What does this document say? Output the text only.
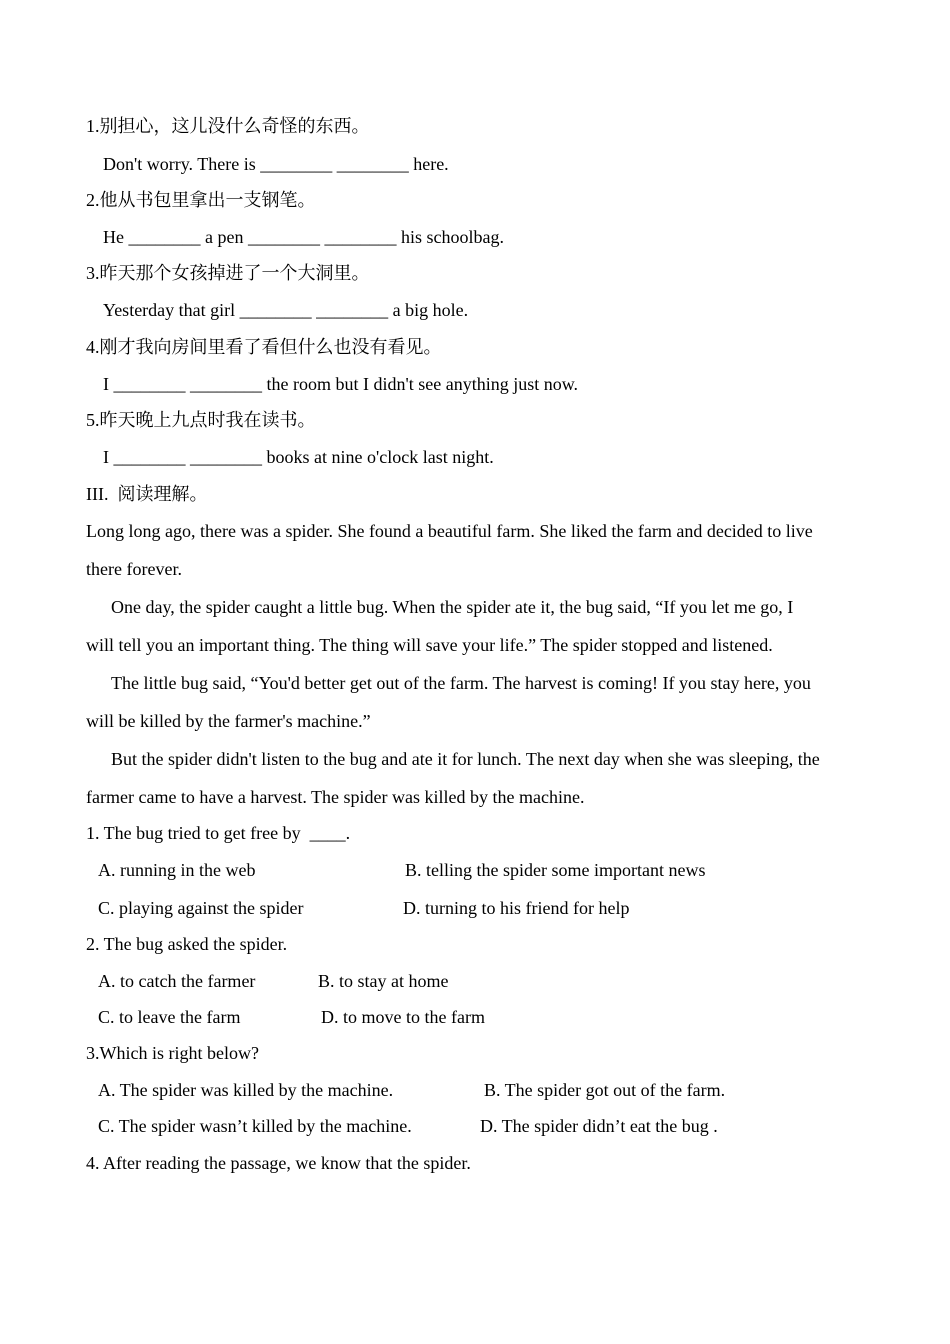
1.别担心，这儿没什么奇怪的东西。
Don't worry. There is ________ ________ here.
2.他从书包里拿出一支钢笔。
He ________ a pen ________ ________ his schoolbag.
3.昨天那个女孩掉进了一个大洞里。
Yesterday that girl ________ ________ a big hole.
4.刚才我向房间里看了看但什么也没有看见。
I ________ ________ the room but I didn't see anything just now.
5.昨天晚上九点时我在读书。
I ________ ________ books at nine o'clock last night.
III.  阅读理解。
Long long ago, there was a spider. She found a beautiful farm. She liked the farm and decided to live
there forever.
One day, the spider caught a little bug. When the spider ate it, the bug said, “If you let me go, I
will tell you an important thing. The thing will save your life.” The spider stopped and listened.
The little bug said, “You'd better get out of the farm. The harvest is coming! If you stay here, you
will be killed by the farmer's machine.”
But the spider didn't listen to the bug and ate it for lunch. The next day when she was sleeping, the
farmer came to have a harvest. The spider was killed by the machine.
1. The bug tried to get free by  ____.
A. running in the web	B. telling the spider some important news
C. playing against the spider	D. turning to his friend for help
2. The bug asked the spider.
A. to catch the farmer	B. to stay at home
C. to leave the farm	D. to move to the farm
3.Which is right below?
A. The spider was killed by the machine.	B. The spider got out of the farm.
C. The spider wasn’t killed by the machine.	D. The spider didn’t eat the bug .
4. After reading the passage, we know that the spider.
